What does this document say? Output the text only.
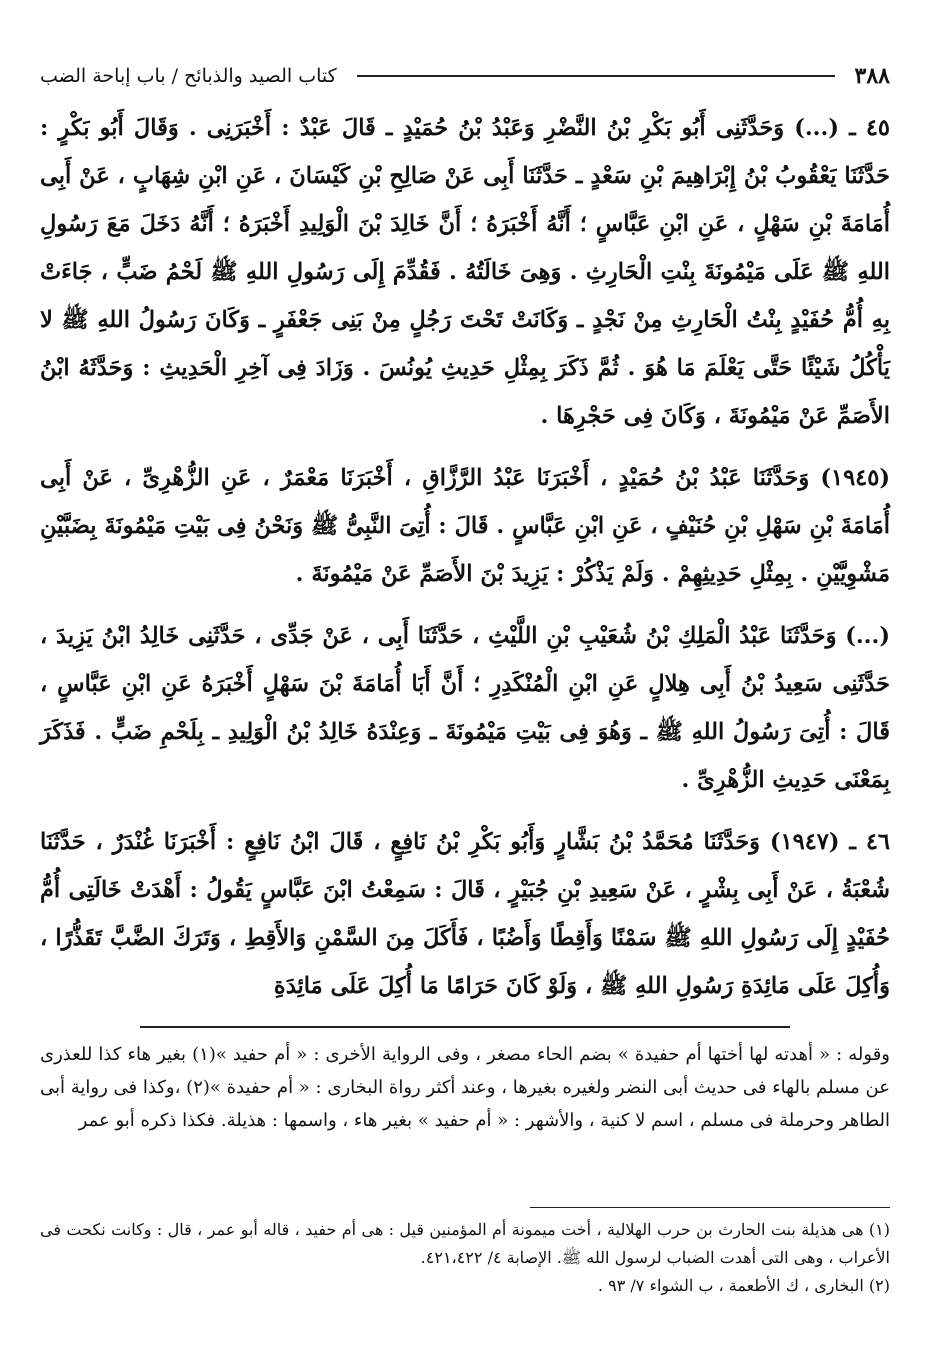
٣٨٨
كتاب الصيد والذبائح / باب إباحة الضب

٤٥ ـ (...) وَحَدَّثَنِى أَبُو بَكْرِ بْنُ النَّضْرِ وَعَبْدُ بْنُ حُمَيْدٍ ـ قَالَ عَبْدٌ : أَخْبَرَنِى . وَقَالَ أَبُو بَكْرٍ : حَدَّثَنَا يَعْقُوبُ بْنُ إِبْرَاهِيمَ بْنِ سَعْدٍ ـ حَدَّثَنَا أَبِى عَنْ صَالِحِ بْنِ كَيْسَانَ ، عَنِ ابْنِ شِهَابٍ ، عَنْ أَبِى أُمَامَةَ بْنِ سَهْلٍ ، عَنِ ابْنِ عَبَّاسٍ ؛ أَنَّهُ أَخْبَرَهُ ؛ أَنَّ خَالِدَ بْنَ الْوَلِيدِ أَخْبَرَهُ ؛ أَنَّهُ دَخَلَ مَعَ رَسُولِ اللهِ ﷺ عَلَى مَيْمُونَةَ بِنْتِ الْحَارِثِ . وَهِىَ خَالَتُهُ . فَقُدِّمَ إِلَى رَسُولِ اللهِ ﷺ لَحْمُ ضَبٍّ ، جَاءَتْ بِهِ أُمُّ حُفَيْدٍ بِنْتُ الْحَارِثِ مِنْ نَجْدٍ ـ وَكَانَتْ تَحْتَ رَجُلٍ مِنْ بَنِى جَعْفَرٍ ـ وَكَانَ رَسُولُ اللهِ ﷺ لا يَأْكُلُ شَيْئًا حَتَّى يَعْلَمَ مَا هُوَ . ثُمَّ ذَكَرَ بِمِثْلِ حَدِيثِ يُونُسَ . وَزَادَ فِى آخِرِ الْحَدِيثِ : وَحَدَّثَهُ ابْنُ الأَصَمِّ عَنْ مَيْمُونَةَ ، وَكَانَ فِى حَجْرِهَا .

(١٩٤٥) وَحَدَّثَنَا عَبْدُ بْنُ حُمَيْدٍ ، أَخْبَرَنَا عَبْدُ الرَّزَّاقِ ، أَخْبَرَنَا مَعْمَرٌ ، عَنِ الزُّهْرِىِّ ، عَنْ أَبِى أُمَامَةَ بْنِ سَهْلِ بْنِ حُنَيْفٍ ، عَنِ ابْنِ عَبَّاسٍ . قَالَ : أُتِىَ النَّبِىُّ ﷺ وَنَحْنُ فِى بَيْتِ مَيْمُونَةَ بِضَبَّيْنِ مَشْوِيَّيْنِ . بِمِثْلِ حَدِيثِهِمْ . وَلَمْ يَذْكُرْ : يَزِيدَ بْنَ الأَصَمِّ عَنْ مَيْمُونَةَ .

(...) وَحَدَّثَنَا عَبْدُ الْمَلِكِ بْنُ شُعَيْبِ بْنِ اللَّيْثِ ، حَدَّثَنَا أَبِى ، عَنْ جَدِّى ، حَدَّثَنِى خَالِدُ ابْنُ يَزِيدَ ، حَدَّثَنِى سَعِيدُ بْنُ أَبِى هِلالٍ عَنِ ابْنِ الْمُنْكَدِرِ ؛ أَنَّ أَبَا أُمَامَةَ بْنَ سَهْلٍ أَخْبَرَهُ عَنِ ابْنِ عَبَّاسٍ ، قَالَ : أُتِىَ رَسُولُ اللهِ ﷺ ـ وَهُوَ فِى بَيْتِ مَيْمُونَةَ ـ وَعِنْدَهُ خَالِدُ بْنُ الْوَلِيدِ ـ بِلَحْمِ ضَبٍّ . فَذَكَرَ بِمَعْنَى حَدِيثِ الزُّهْرِىِّ .

٤٦ ـ (١٩٤٧) وَحَدَّثَنَا مُحَمَّدُ بْنُ بَشَّارٍ وَأَبُو بَكْرِ بْنُ نَافِعٍ ، قَالَ ابْنُ نَافِعٍ : أَخْبَرَنَا غُنْدَرٌ ، حَدَّثَنَا شُعْبَةُ ، عَنْ أَبِى بِشْرٍ ، عَنْ سَعِيدِ بْنِ جُبَيْرٍ ، قَالَ : سَمِعْتُ ابْنَ عَبَّاسٍ يَقُولُ : أَهْدَتْ خَالَتِى أُمُّ حُفَيْدٍ إِلَى رَسُولِ اللهِ ﷺ سَمْنًا وَأَقِطًا وَأَضُبًا ، فَأَكَلَ مِنَ السَّمْنِ وَالأَقِطِ ، وَتَرَكَ الضَّبَّ تَقَذُّرًا ، وَأُكِلَ عَلَى مَائِدَةِ رَسُولِ اللهِ ﷺ ، وَلَوْ كَانَ حَرَامًا مَا أُكِلَ عَلَى مَائِدَةِ

وقوله : « أهدته لها أختها أم حفيدة » بضم الحاء مصغر ، وفى الرواية الأخرى : « أم حفيد »(١) بغير هاء كذا للعذرى عن مسلم بالهاء فى حديث أبى النضر ولغيره بغيرها ، وعند أكثر رواة البخارى : « أم حفيدة »(٢) ،وكذا فى رواية أبى الطاهر وحرملة فى مسلم ، اسم لا كنية ، والأشهر : « أم حفيد » بغير هاء ، واسمها : هذيلة. فكذا ذكره أبو عمر

(١) هى هذيلة بنت الحارث بن حرب الهلالية ، أخت ميمونة أم المؤمنين قيل : هى أم حفيد ، قاله أبو عمر ، قال : وكانت نكحت فى الأعراب ، وهى التى أهدت الضباب لرسول الله ﷺ. الإصابة ٤/ ٤٢١،٤٢٢.

(٢) البخارى ، ك الأطعمة ، ب الشواء ٧/ ٩٣ .
